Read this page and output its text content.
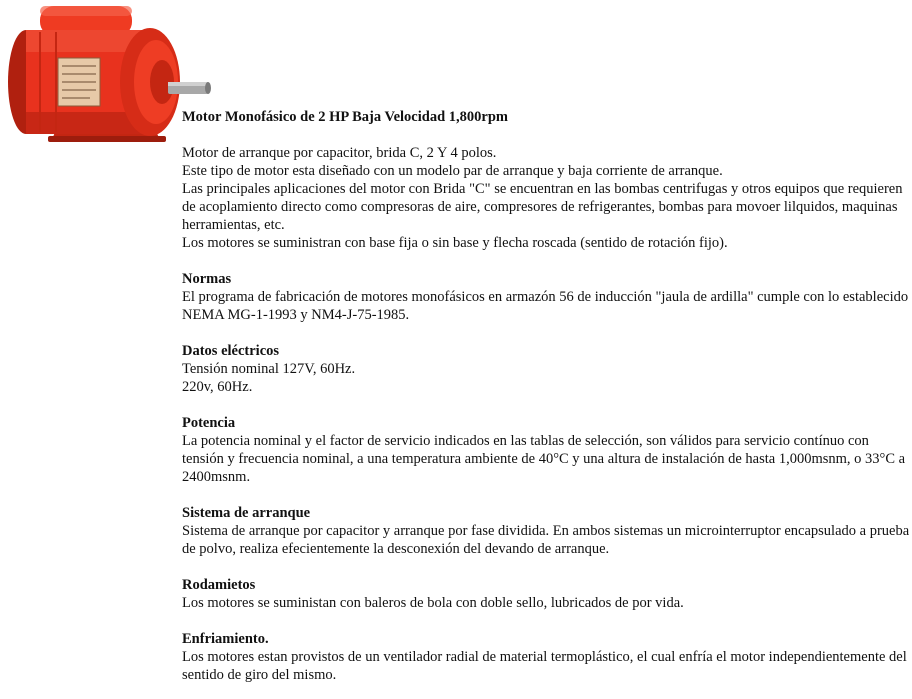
Motor Monofásico de 2 HP Baja Velocidad 1,800rpm

Motor de arranque por capacitor, brida C, 2 Y 4 polos.
Este tipo de motor esta diseñado con un modelo par de arranque y baja corriente de arranque.
Las principales aplicaciones del motor con Brida "C" se encuentran en las bombas centrifugas y otros equipos que requieren de acoplamiento directo como compresoras de aire, compresores de refrigerantes, bombas para movoer lilquidos, maquinas herramientas, etc.
Los motores se suministran con base fija o sin base y flecha roscada (sentido de rotación fijo).

Normas

El programa de fabricación de motores monofásicos en armazón 56 de inducción "jaula de ardilla" cumple con lo establecido NEMA MG-1-1993 y NM4-J-75-1985.

Datos eléctricos

Tensión nominal 127V, 60Hz.
220v, 60Hz.

Potencia

La potencia nominal y el factor de servicio indicados en las tablas de selección, son válidos para servicio contínuo con tensión y frecuencia nominal, a una temperatura ambiente de 40°C y una altura de instalación de hasta 1,000msnm, o 33°C a 2400msnm.

Sistema de arranque

Sistema de arranque por capacitor y arranque por fase dividida. En ambos sistemas un microinterruptor encapsulado a prueba de polvo, realiza efecientemente la desconexión del devando de arranque.

Rodamietos

Los motores se suministan con baleros de bola con doble sello, lubricados de por vida.

Enfriamiento.

Los motores estan provistos de un ventilador radial de material termoplástico, el cual enfría el motor independientemente del sentido de giro del mismo.
